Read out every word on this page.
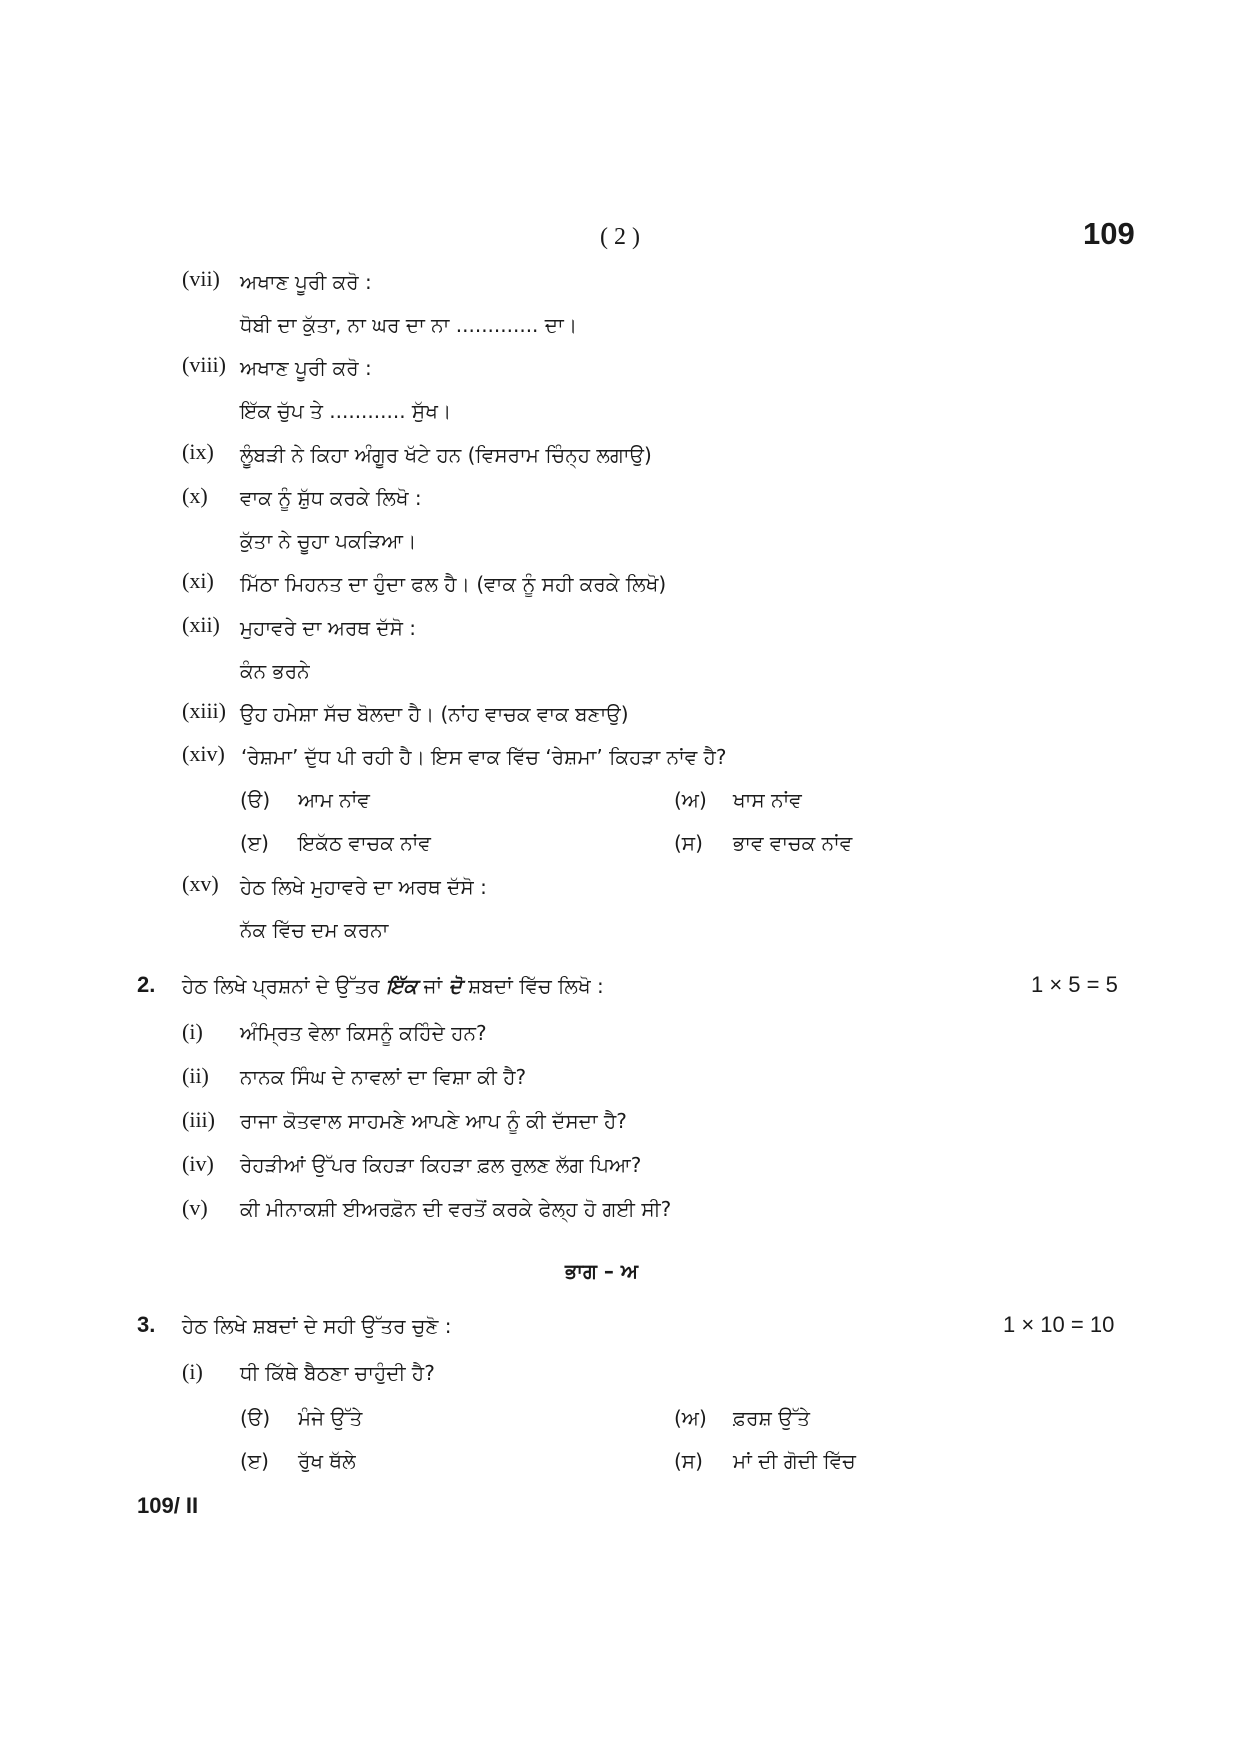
( 2 )	109
(vii) ਅਖਾਣ ਪੂਰੀ ਕਰੋ :
ਧੋਬੀ ਦਾ ਕੁੱਤਾ, ਨਾ ਘਰ ਦਾ ਨਾ ............. ਦਾ।
(viii) ਅਖਾਣ ਪੂਰੀ ਕਰੋ :
ਇੱਕ ਚੁੱਪ ਤੇ ............ ਸੁੱਖ।
(ix) ਲੂੰਬੜੀ ਨੇ ਕਿਹਾ ਅੰਗੂਰ ਖੱਟੇ ਹਨ (ਵਿਸਰਾਮ ਚਿੰਨ੍ਹ ਲਗਾਉ)
(x) ਵਾਕ ਨੂੰ ਸ਼ੁੱਧ ਕਰਕੇ ਲਿਖੋ :
ਕੁੱਤਾ ਨੇ ਚੂਹਾ ਪਕੜਿਆ।
(xi) ਮਿੱਠਾ ਮਿਹਨਤ ਦਾ ਹੁੰਦਾ ਫਲ ਹੈ। (ਵਾਕ ਨੂੰ ਸਹੀ ਕਰਕੇ ਲਿਖੋ)
(xii) ਮੁਹਾਵਰੇ ਦਾ ਅਰਥ ਦੱਸੋ :
ਕੰਨ ਭਰਨੇ
(xiii) ਉਹ ਹਮੇਸ਼ਾ ਸੱਚ ਬੋਲਦਾ ਹੈ। (ਨਾਂਹ ਵਾਚਕ ਵਾਕ ਬਣਾਉ)
(xiv) ‘ਰੇਸ਼ਮਾ’ ਦੁੱਧ ਪੀ ਰਹੀ ਹੈ। ਇਸ ਵਾਕ ਵਿੱਚ ‘ਰੇਸ਼ਮਾ’ ਕਿਹੜਾ ਨਾਂਵ ਹੈ?
(ੳ) ਆਮ ਨਾਂਵ	(ਅ) ਖਾਸ ਨਾਂਵ
(ੲ) ਇਕੱਠ ਵਾਚਕ ਨਾਂਵ	(ਸ) ਭਾਵ ਵਾਚਕ ਨਾਂਵ
(xv) ਹੇਠ ਲਿਖੇ ਮੁਹਾਵਰੇ ਦਾ ਅਰਥ ਦੱਸੋ :
ਨੱਕ ਵਿੱਚ ਦਮ ਕਰਨਾ
2. ਹੇਠ ਲਿਖੇ ਪ੍ਰਸ਼ਨਾਂ ਦੇ ਉੱਤਰ ਇੱਕ ਜਾਂ ਦੋ ਸ਼ਬਦਾਂ ਵਿੱਚ ਲਿਖੋ :	1 × 5 = 5
(i) ਅੰਮ੍ਰਿਤ ਵੇਲਾ ਕਿਸਨੂੰ ਕਹਿੰਦੇ ਹਨ?
(ii) ਨਾਨਕ ਸਿੰਘ ਦੇ ਨਾਵਲਾਂ ਦਾ ਵਿਸ਼ਾ ਕੀ ਹੈ?
(iii) ਰਾਜਾ ਕੋਤਵਾਲ ਸਾਹਮਣੇ ਆਪਣੇ ਆਪ ਨੂੰ ਕੀ ਦੱਸਦਾ ਹੈ?
(iv) ਰੇਹੜੀਆਂ ਉੱਪਰ ਕਿਹੜਾ ਕਿਹੜਾ ਫ਼ਲ ਰੁਲਣ ਲੱਗ ਪਿਆ?
(v) ਕੀ ਮੀਨਾਕਸ਼ੀ ਈਅਰਫ਼ੋਨ ਦੀ ਵਰਤੋਂ ਕਰਕੇ ਫੇਲ੍ਹ ਹੋ ਗਈ ਸੀ?
ਭਾਗ – ਅ
3. ਹੇਠ ਲਿਖੇ ਸ਼ਬਦਾਂ ਦੇ ਸਹੀ ਉੱਤਰ ਚੁਣੋ :	1 × 10 = 10
(i) ਧੀ ਕਿੱਥੇ ਬੈਠਣਾ ਚਾਹੁੰਦੀ ਹੈ?
(ੳ) ਮੰਜੇ ਉੱਤੇ	(ਅ) ਫ਼ਰਸ਼ ਉੱਤੇ
(ੲ) ਰੁੱਖ ਥੱਲੇ	(ਸ) ਮਾਂ ਦੀ ਗੋਦੀ ਵਿੱਚ
109/ II
